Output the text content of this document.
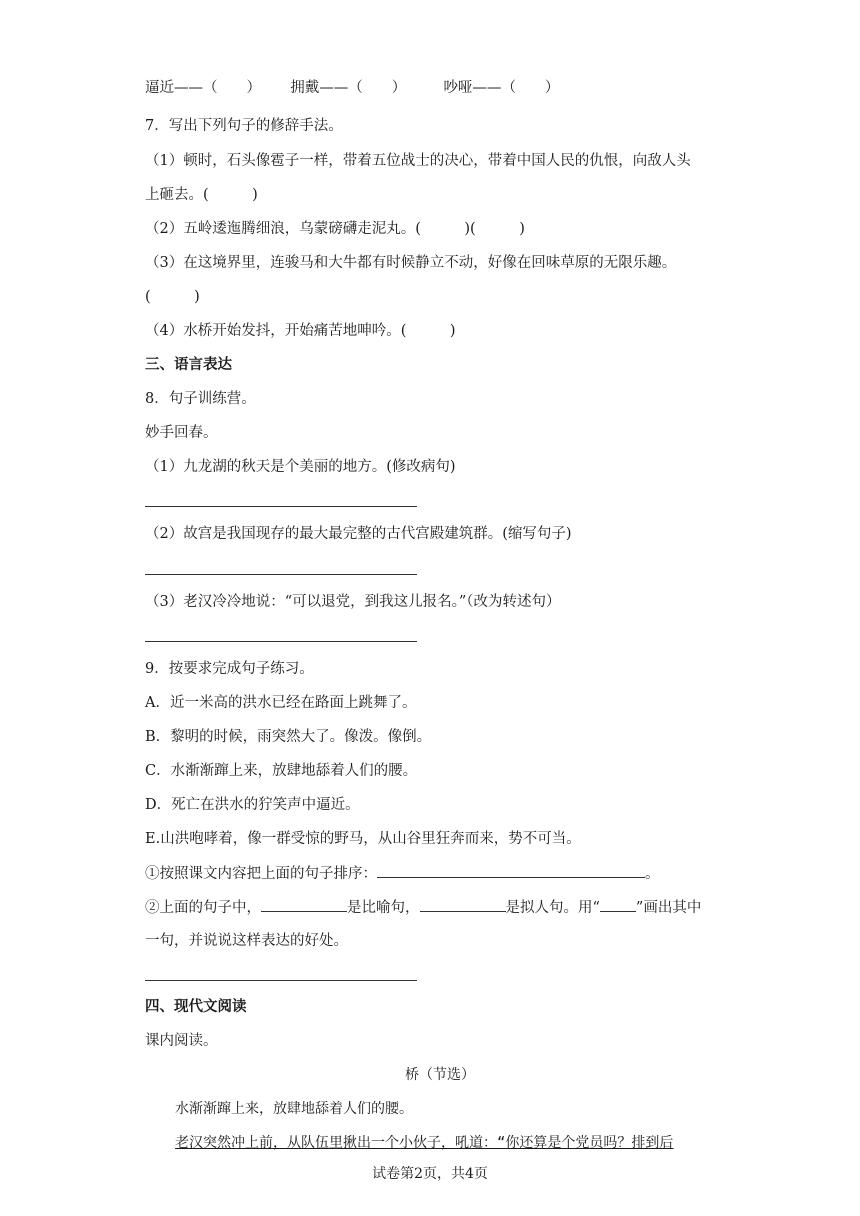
逼近——（　　） 拥戴——（　　）	吵哑——（　　）
7．写出下列句子的修辞手法。
（1）顿时，石头像雹子一样，带着五位战士的决心，带着中国人民的仇恨，向敌人头
上砸去。(　　　)
（2）五岭逶迤腾细浪，乌蒙磅礴走泥丸。(　　　)(　　　)
（3）在这境界里，连骏马和大牛都有时候静立不动，好像在回味草原的无限乐趣。
(　　　)
（4）水桥开始发抖，开始痛苦地呻吟。(　　　)
三、语言表达
8．句子训练营。
妙手回春。
（1）九龙湖的秋天是个美丽的地方。(修改病句)
（2）故宫是我国现存的最大最完整的古代宫殿建筑群。(缩写句子)
（3）老汉冷冷地说：“可以退党，到我这儿报名。”（改为转述句）
9．按要求完成句子练习。
A．近一米高的洪水已经在路面上跳舞了。
B．黎明的时候，雨突然大了。像泼。像倒。
C．水渐渐蹿上来，放肆地舔着人们的腰。
D．死亡在洪水的狞笑声中逼近。
E.山洪咆哮着，像一群受惊的野马，从山谷里狂奔而来，势不可当。
①按照课文内容把上面的句子排序：	。
②上面的句子中，	是比喻句，	是拟人句。用“ ”画出其中
一句，并说说这样表达的好处。
四、现代文阅读
课内阅读。
桥（节选）
水渐渐蹿上来，放肆地舔着人们的腰。
老汉突然冲上前，从队伍里揪出一个小伙子，吼道：“你还算是个党员吗？排到后
试卷第2页，共4页
